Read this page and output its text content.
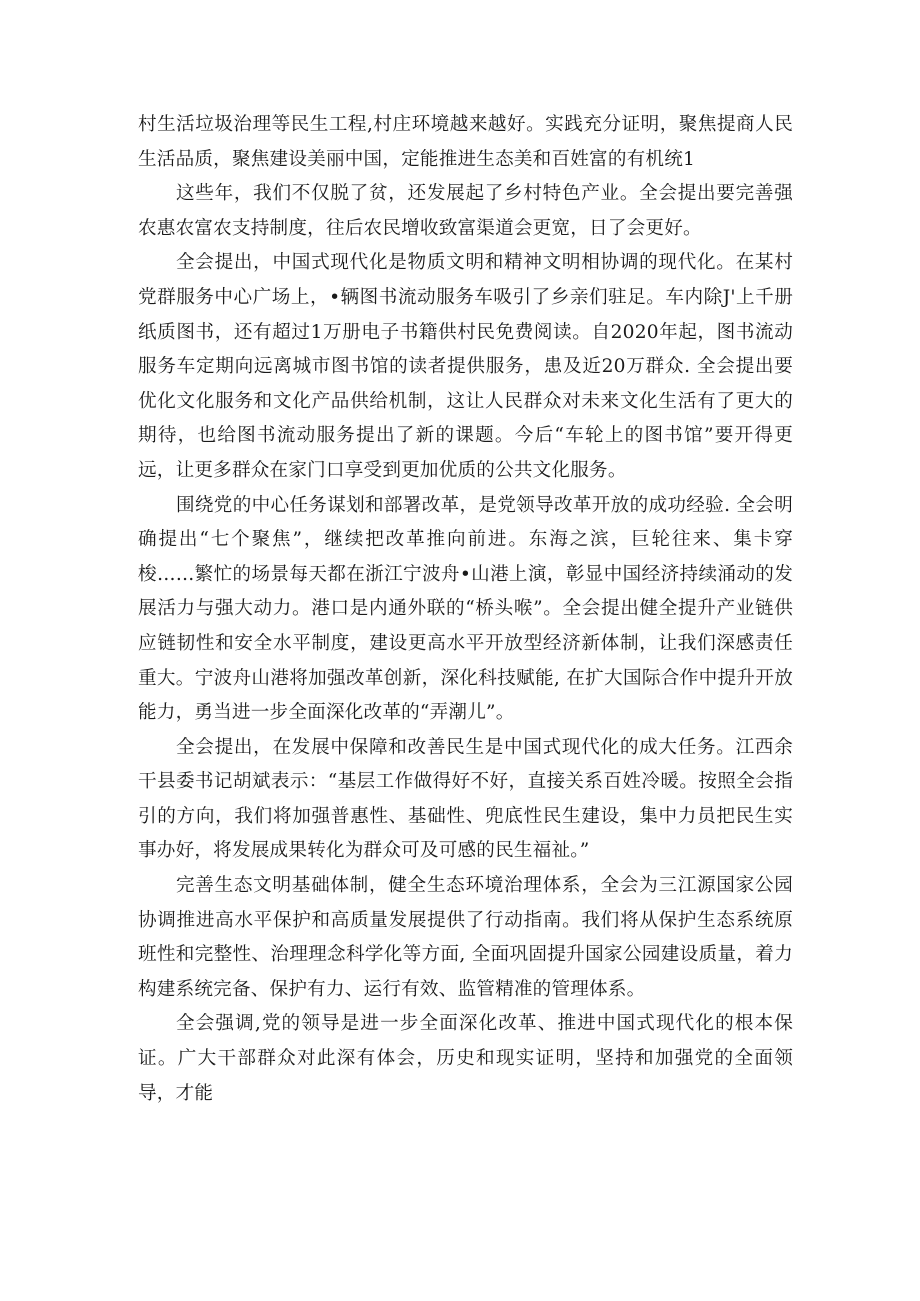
村生活垃圾治理等民生工程,村庄环境越来越好。实践充分证明，聚焦提商人民生活品质，聚焦建设美丽中国，定能推进生态美和百姓富的有机统1

这些年，我们不仅脱了贫，还发展起了乡村特色产业。全会提出要完善强农惠农富农支持制度，往后农民增收致富渠道会更宽，日了会更好。

全会提出，中国式现代化是物质文明和精神文明相协调的现代化。在某村党群服务中心广场上，•辆图书流动服务车吸引了乡亲们驻足。车内除J'上千册纸质图书，还有超过1万册电子书籍供村民免费阅读。自2020年起，图书流动服务车定期向远离城市图书馆的读者提供服务，患及近20万群众. 全会提出要优化文化服务和文化产品供给机制，这让人民群众对未来文化生活有了更大的期待，也给图书流动服务提出了新的课题。今后“车轮上的图书馆”要开得更远，让更多群众在家门口享受到更加优质的公共文化服务。

围绕党的中心任务谋划和部署改革，是党领导改革开放的成功经验. 全会明确提出“七个聚焦”，继续把改革推向前进。东海之滨，巨轮往来、集卡穿梭……繁忙的场景每天都在浙江宁波舟•山港上演，彰显中国经济持续涌动的发展活力与强大动力。港口是内通外联的“桥头喉”。全会提出健全提升产业链供应链韧性和安全水平制度，建设更高水平开放型经济新体制，让我们深感责任重大。宁波舟山港将加强改革创新，深化科技赋能, 在扩大国际合作中提升开放能力，勇当进一步全面深化改革的“弄潮儿”。

全会提出，在发展中保障和改善民生是中国式现代化的成大任务。江西余干县委书记胡斌表示：“基层工作做得好不好，直接关系百姓冷暖。按照全会指引的方向，我们将加强普惠性、基础性、兜底性民生建设，集中力员把民生实事办好，将发展成果转化为群众可及可感的民生福祉。”

完善生态文明基础体制，健全生态环境治理体系，全会为三江源国家公园协调推进高水平保护和高质量发展提供了行动指南。我们将从保护生态系统原班性和完整性、治理理念科学化等方面, 全面巩固提升国家公园建设质量，着力构建系统完备、保护有力、运行有效、监管精准的管理体系。

全会强调,党的领导是进一步全面深化改革、推进中国式现代化的根本保证。广大干部群众对此深有体会，历史和现实证明，坚持和加强党的全面领导，才能
